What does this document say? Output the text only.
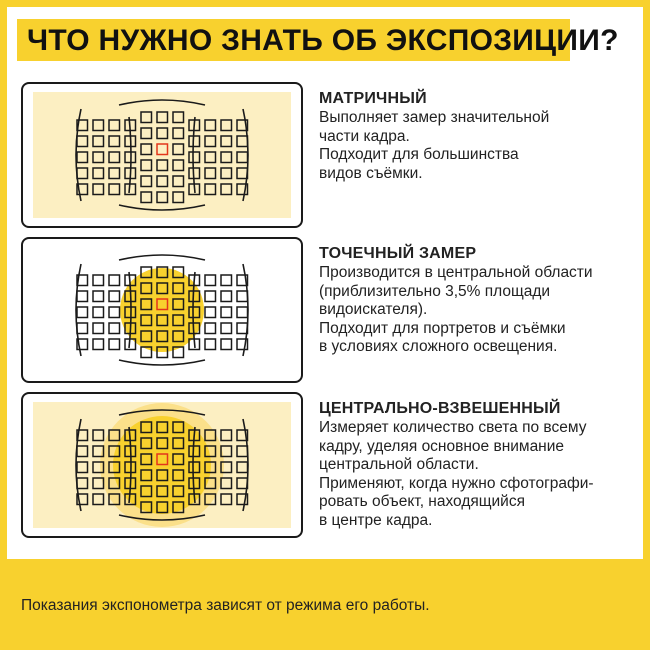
ЧТО НУЖНО ЗНАТЬ ОБ ЭКСПОЗИЦИИ?
МАТРИЧНЫЙ
Выполняет замер значительной
части кадра.
Подходит для большинства
видов съёмки.
ТОЧЕЧНЫЙ ЗАМЕР
Производится в центральной области
(приблизительно 3,5% площади
видоискателя).
Подходит для портретов и съёмки
в условиях сложного освещения.
ЦЕНТРАЛЬНО-ВЗВЕШЕННЫЙ
Измеряет количество света по всему
кадру, уделяя основное внимание
центральной области.
Применяют, когда нужно сфотографи-
ровать объект, находящийся
в центре кадра.
Показания экспонометра зависят от режима его работы.
